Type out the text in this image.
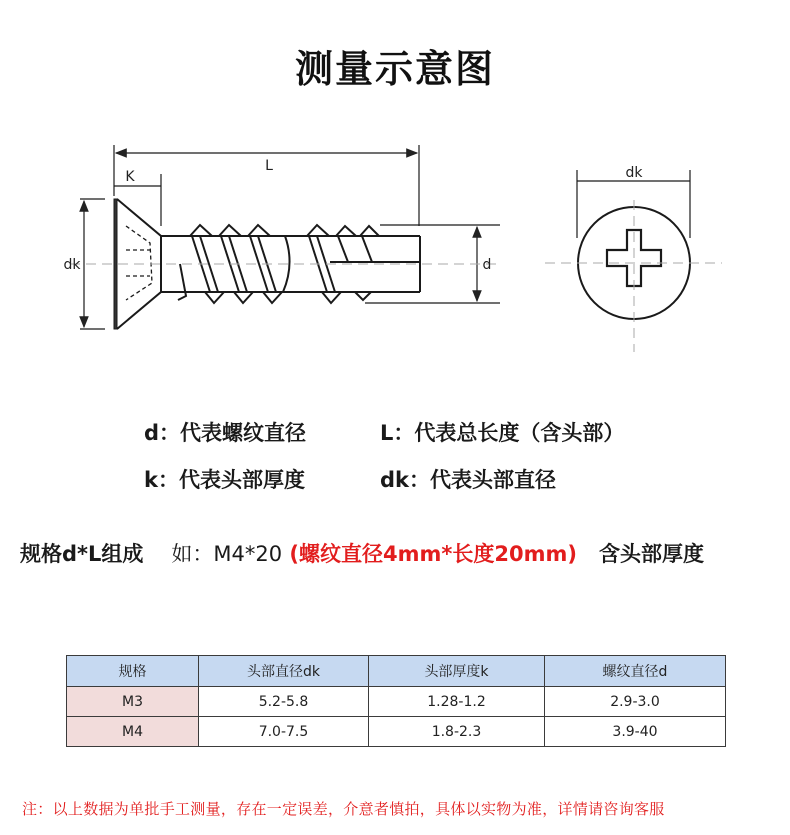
测量示意图
K
L
dk	d
dk
d：代表螺纹直径	L：代表总长度（含头部）
k：代表头部厚度	dk：代表头部直径
规格d*L组成 如：M4*20 (螺纹直径4mm*长度20mm) 含头部厚度
规格	头部直径dk	头部厚度k	螺纹直径d
M3	5.2-5.8	1.28-1.2	2.9-3.0
M4	7.0-7.5	1.8-2.3	3.9-40
注：以上数据为单批手工测量，存在一定误差，介意者慎拍，具体以实物为准，详情请咨询客服
